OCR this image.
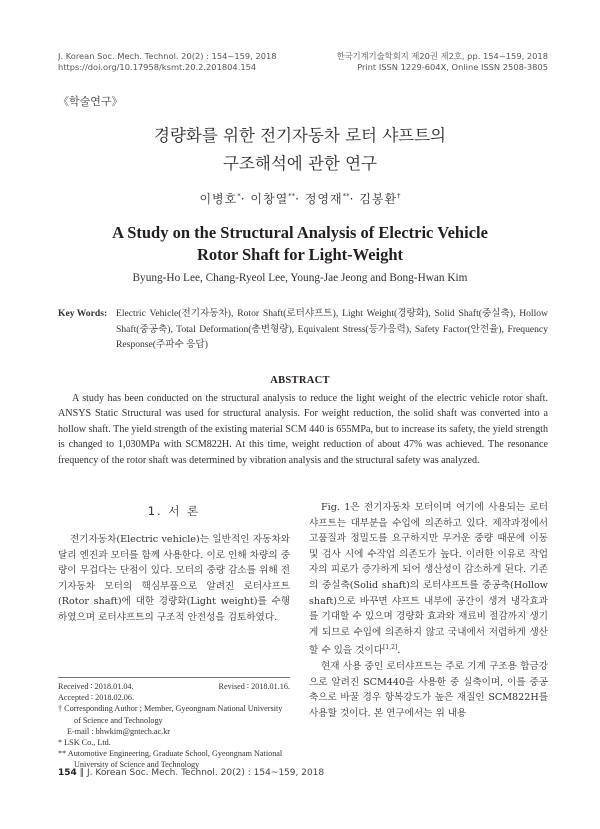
J. Korean Soc. Mech. Technol. 20(2) : 154~159, 2018
https://doi.org/10.17958/ksmt.20.2.201804.154
한국기계기술학회지 제20권 제2호, pp. 154~159, 2018
Print ISSN 1229-604X, Online ISSN 2508-3805
《학술연구》
경량화를 위한 전기자동차 로터 샤프트의
구조해석에 관한 연구
이병호*· 이창열**· 정영재**· 김봉환†
A Study on the Structural Analysis of Electric Vehicle
Rotor Shaft for Light-Weight
Byung-Ho Lee, Chang-Ryeol Lee, Young-Jae Jeong and Bong-Hwan Kim
Key Words : Electric Vehicle(전기자동차), Rotor Shaft(로터샤프트), Light Weight(경량화), Solid Shaft(중실축), Hollow Shaft(중공축), Total Deformation(총변형량), Equivalent Stress(등가응력), Safety Factor(안전율), Frequency Response(주파수 응답)
ABSTRACT
A study has been conducted on the structural analysis to reduce the light weight of the electric vehicle rotor shaft. ANSYS Static Structural was used for structural analysis. For weight reduction, the solid shaft was converted into a hollow shaft. The yield strength of the existing material SCM 440 is 655MPa, but to increase its safety, the yield strength is changed to 1,030MPa with SCM822H. At this time, weight reduction of about 47% was achieved. The resonance frequency of the rotor shaft was determined by vibration analysis and the structural safety was analyzed.
1. 서 론

전기자동차(Electric vehicle)는 일반적인 자동차와 달리 엔진과 모터를 함께 사용한다. 이로 인해 차량의 중량이 무겁다는 단점이 있다. 모터의 중량 감소를 위해 전기자동차 모터의 핵심부품으로 알려진 로터샤프트(Rotor shaft)에 대한 경량화(Light weight)를 수행하였으며 로터샤프트의 구조적 안전성을 검토하였다.

Fig. 1은 전기자동차 모터이며 여기에 사용되는 로터샤프트는 대부분을 수입에 의존하고 있다. 제작과정에서 고품질과 정밀도를 요구하지만 무거운 중량 때문에 이동 및 검사 시에 수작업 의존도가 높다. 이러한 이유로 작업자의 피로가 증가하게 되어 생산성이 감소하게 된다. 기존의 중실축(Solid shaft)의 로터샤프트를 중공축(Hollow shaft)으로 바꾸면 샤프트 내부에 공간이 생겨 냉각효과를 기대할 수 있으며 경량화 효과와 재료비 절감까지 생기게 되므로 수입에 의존하지 않고 국내에서 저렴하게 생산할 수 있을 것이다[1,2].

현재 사용 중인 로터샤프트는 주로 기계 구조용 합금강으로 알려진 SCM440을 사용한 중 실축이며, 이를 중공축으로 바꿀 경우 항복강도가 높은 재질인 SCM822H를 사용할 것이다. 본 연구에서는 위 내용

Received ∶ 2018.01.04.	Revised ∶ 2018.01.16.
Accepted ∶ 2018.02.06.
† Corresponding Author ; Member, Gyeongnam National University
of Science and Technology
E-mail : bhwkim@gntech.ac.kr
* LSK Co., Ltd.
** Automotive Engineering, Graduate School, Gyeongnam National
University of Science and Technology
154 ‖ J. Korean Soc. Mech. Technol. 20(2) : 154~159, 2018
